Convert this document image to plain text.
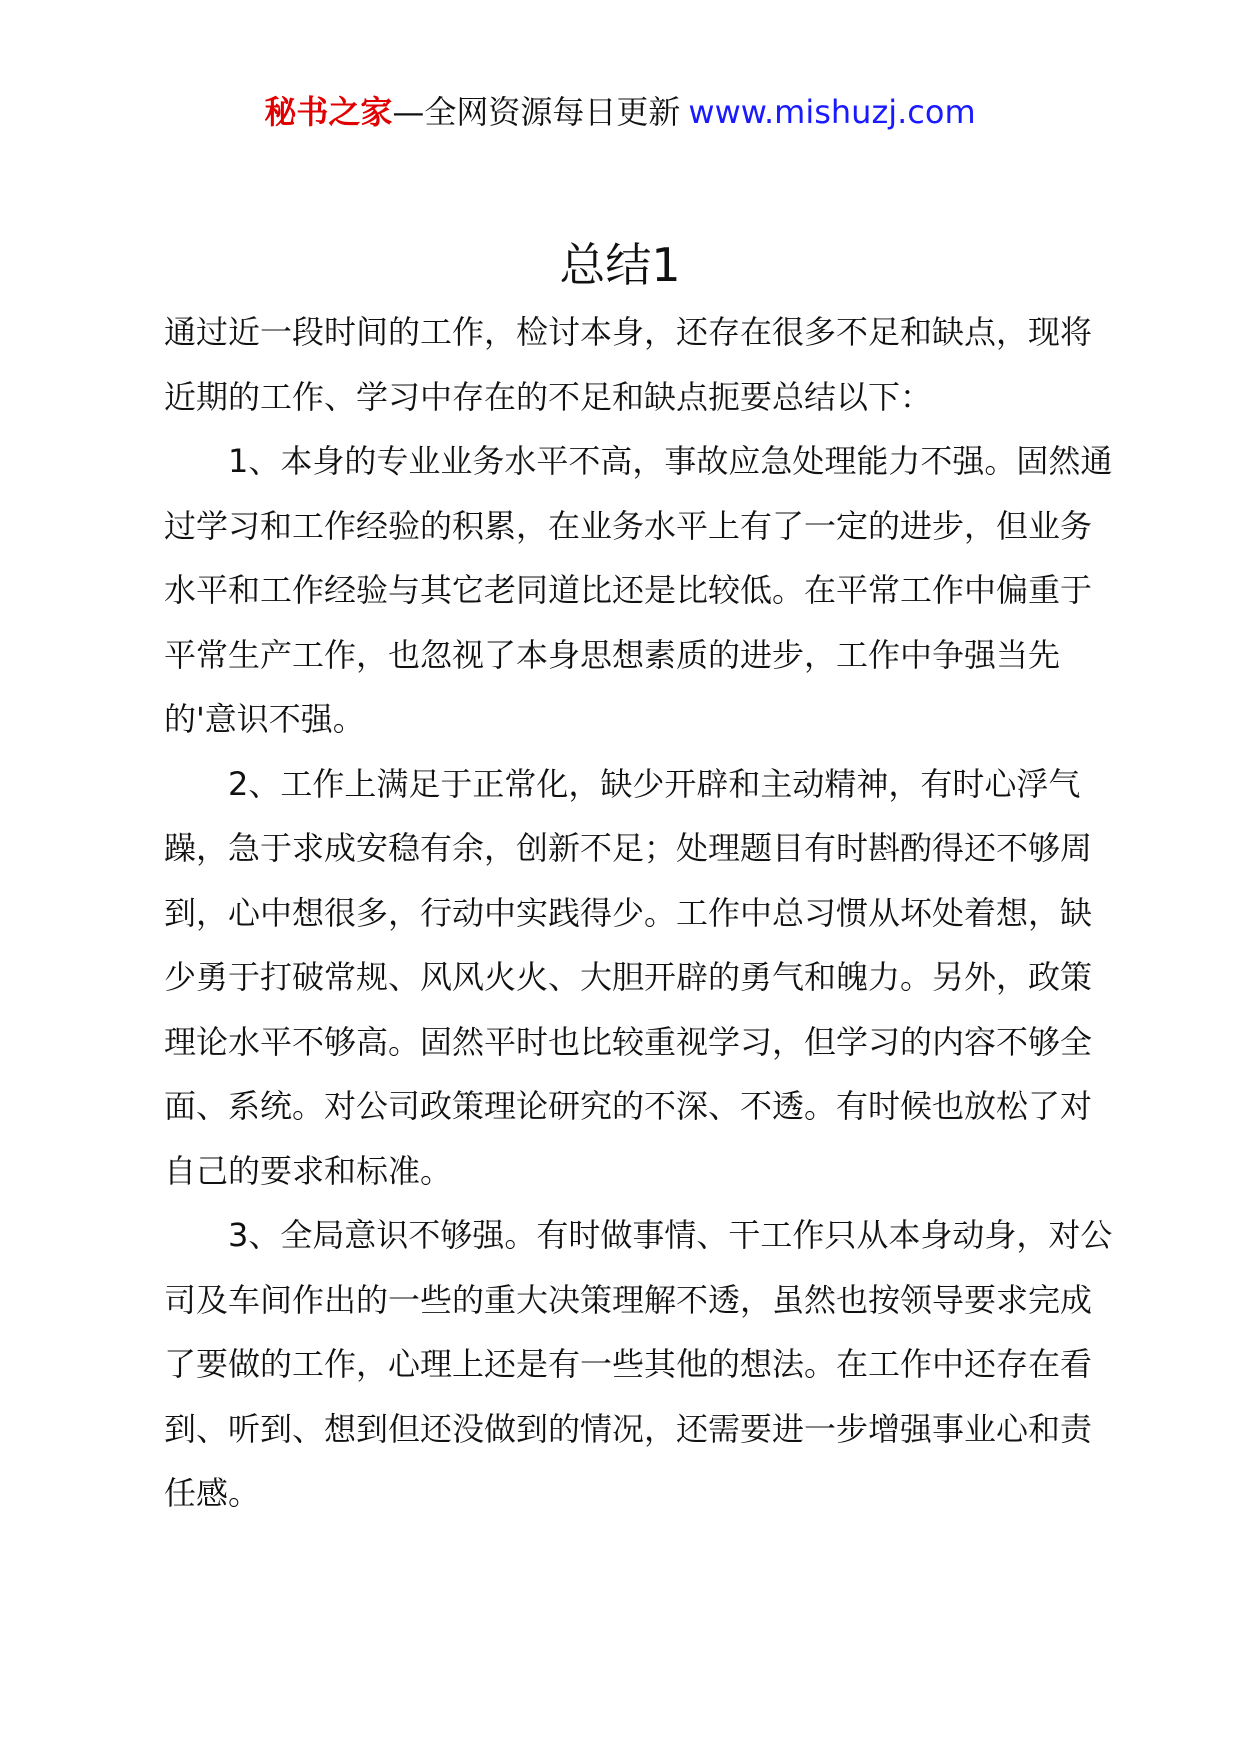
秘书之家—全网资源每日更新 www.mishuzj.com
总结1

通过近一段时间的工作，检讨本身，还存在很多不足和缺点，现将近期的工作、学习中存在的不足和缺点扼要总结以下：

1、本身的专业业务水平不高，事故应急处理能力不强。固然通过学习和工作经验的积累，在业务水平上有了一定的进步，但业务水平和工作经验与其它老同道比还是比较低。在平常工作中偏重于平常生产工作，也忽视了本身思想素质的进步，工作中争强当先的'意识不强。

2、工作上满足于正常化，缺少开辟和主动精神，有时心浮气躁，急于求成安稳有余，创新不足；处理题目有时斟酌得还不够周到，心中想很多，行动中实践得少。工作中总习惯从坏处着想，缺少勇于打破常规、风风火火、大胆开辟的勇气和魄力。另外，政策理论水平不够高。固然平时也比较重视学习，但学习的内容不够全面、系统。对公司政策理论研究的不深、不透。有时候也放松了对自己的要求和标准。

3、全局意识不够强。有时做事情、干工作只从本身动身，对公司及车间作出的一些的重大决策理解不透，虽然也按领导要求完成了要做的工作，心理上还是有一些其他的想法。在工作中还存在看到、听到、想到但还没做到的情况，还需要进一步增强事业心和责任感。
